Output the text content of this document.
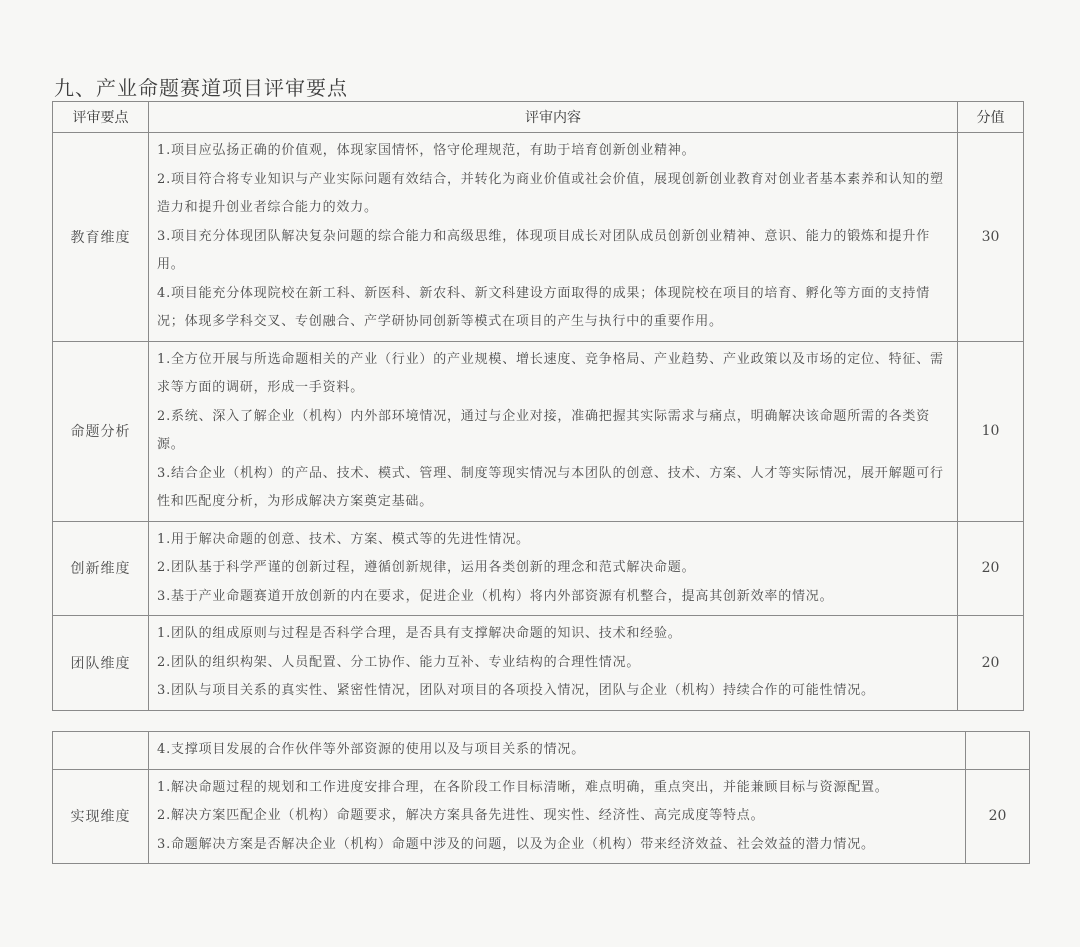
九、产业命题赛道项目评审要点
评审要点	评审内容	分值
教育维度	1.项目应弘扬正确的价值观，体现家国情怀，恪守伦理规范，有助于培育创新创业精神。
2.项目符合将专业知识与产业实际问题有效结合，并转化为商业价值或社会价值，展现创新创业教育对创业者基本素养和认知的塑造力和提升创业者综合能力的效力。
3.项目充分体现团队解决复杂问题的综合能力和高级思维，体现项目成长对团队成员创新创业精神、意识、能力的锻炼和提升作用。
4.项目能充分体现院校在新工科、新医科、新农科、新文科建设方面取得的成果；体现院校在项目的培育、孵化等方面的支持情况；体现多学科交叉、专创融合、产学研协同创新等模式在项目的产生与执行中的重要作用。	30
命题分析	1.全方位开展与所选命题相关的产业（行业）的产业规模、增长速度、竞争格局、产业趋势、产业政策以及市场的定位、特征、需求等方面的调研，形成一手资料。
2.系统、深入了解企业（机构）内外部环境情况，通过与企业对接，准确把握其实际需求与痛点，明确解决该命题所需的各类资源。
3.结合企业（机构）的产品、技术、模式、管理、制度等现实情况与本团队的创意、技术、方案、人才等实际情况，展开解题可行性和匹配度分析，为形成解决方案奠定基础。	10
创新维度	1.用于解决命题的创意、技术、方案、模式等的先进性情况。
2.团队基于科学严谨的创新过程，遵循创新规律，运用各类创新的理念和范式解决命题。
3.基于产业命题赛道开放创新的内在要求，促进企业（机构）将内外部资源有机整合，提高其创新效率的情况。	20
团队维度	1.团队的组成原则与过程是否科学合理，是否具有支撑解决命题的知识、技术和经验。
2.团队的组织构架、人员配置、分工协作、能力互补、专业结构的合理性情况。
3.团队与项目关系的真实性、紧密性情况，团队对项目的各项投入情况，团队与企业（机构）持续合作的可能性情况。	20

	4.支撑项目发展的合作伙伴等外部资源的使用以及与项目关系的情况。	

实现维度	1.解决命题过程的规划和工作进度安排合理，在各阶段工作目标清晰，难点明确，重点突出，并能兼顾目标与资源配置。
2.解决方案匹配企业（机构）命题要求，解决方案具备先进性、现实性、经济性、高完成度等特点。
3.命题解决方案是否解决企业（机构）命题中涉及的问题，以及为企业（机构）带来经济效益、社会效益的潜力情况。	20
